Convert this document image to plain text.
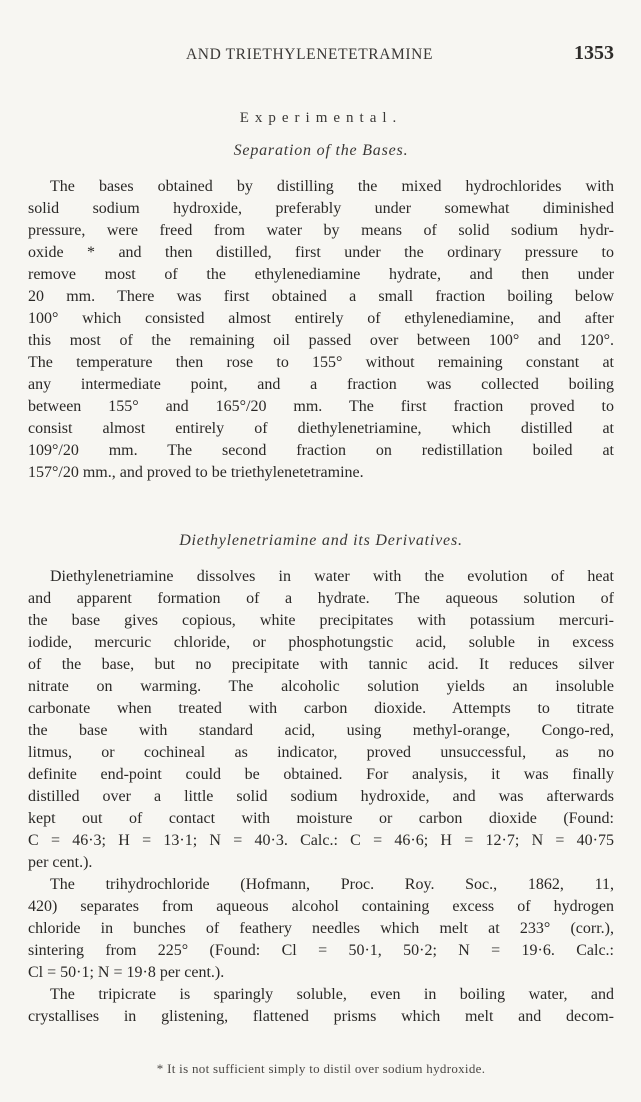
AND TRIETHYLENETETRAMINE	1353
Experimental.
Separation of the Bases.
The bases obtained by distilling the mixed hydrochlorides with
solid sodium hydroxide, preferably under somewhat diminished
pressure, were freed from water by means of solid sodium hydr-
oxide * and then distilled, first under the ordinary pressure to
remove most of the ethylenediamine hydrate, and then under
20 mm. There was first obtained a small fraction boiling below
100° which consisted almost entirely of ethylenediamine, and after
this most of the remaining oil passed over between 100° and 120°.
The temperature then rose to 155° without remaining constant at
any intermediate point, and a fraction was collected boiling
between 155° and 165°/20 mm. The first fraction proved to
consist almost entirely of diethylenetriamine, which distilled at
109°/20 mm. The second fraction on redistillation boiled at
157°/20 mm., and proved to be triethylenetetramine.
Diethylenetriamine and its Derivatives.
Diethylenetriamine dissolves in water with the evolution of heat
and apparent formation of a hydrate. The aqueous solution of
the base gives copious, white precipitates with potassium mercuri-
iodide, mercuric chloride, or phosphotungstic acid, soluble in excess
of the base, but no precipitate with tannic acid. It reduces silver
nitrate on warming. The alcoholic solution yields an insoluble
carbonate when treated with carbon dioxide. Attempts to titrate
the base with standard acid, using methyl-orange, Congo-red,
litmus, or cochineal as indicator, proved unsuccessful, as no
definite end-point could be obtained. For analysis, it was finally
distilled over a little solid sodium hydroxide, and was afterwards
kept out of contact with moisture or carbon dioxide (Found:
C = 46·3; H = 13·1; N = 40·3. Calc.: C = 46·6; H = 12·7; N = 40·75
per cent.).
The trihydrochloride (Hofmann, Proc. Roy. Soc., 1862, 11,
420) separates from aqueous alcohol containing excess of hydrogen
chloride in bunches of feathery needles which melt at 233° (corr.),
sintering from 225° (Found: Cl = 50·1, 50·2; N = 19·6. Calc.:
Cl = 50·1; N = 19·8 per cent.).
The tripicrate is sparingly soluble, even in boiling water, and
crystallises in glistening, flattened prisms which melt and decom-
* It is not sufficient simply to distil over sodium hydroxide.
